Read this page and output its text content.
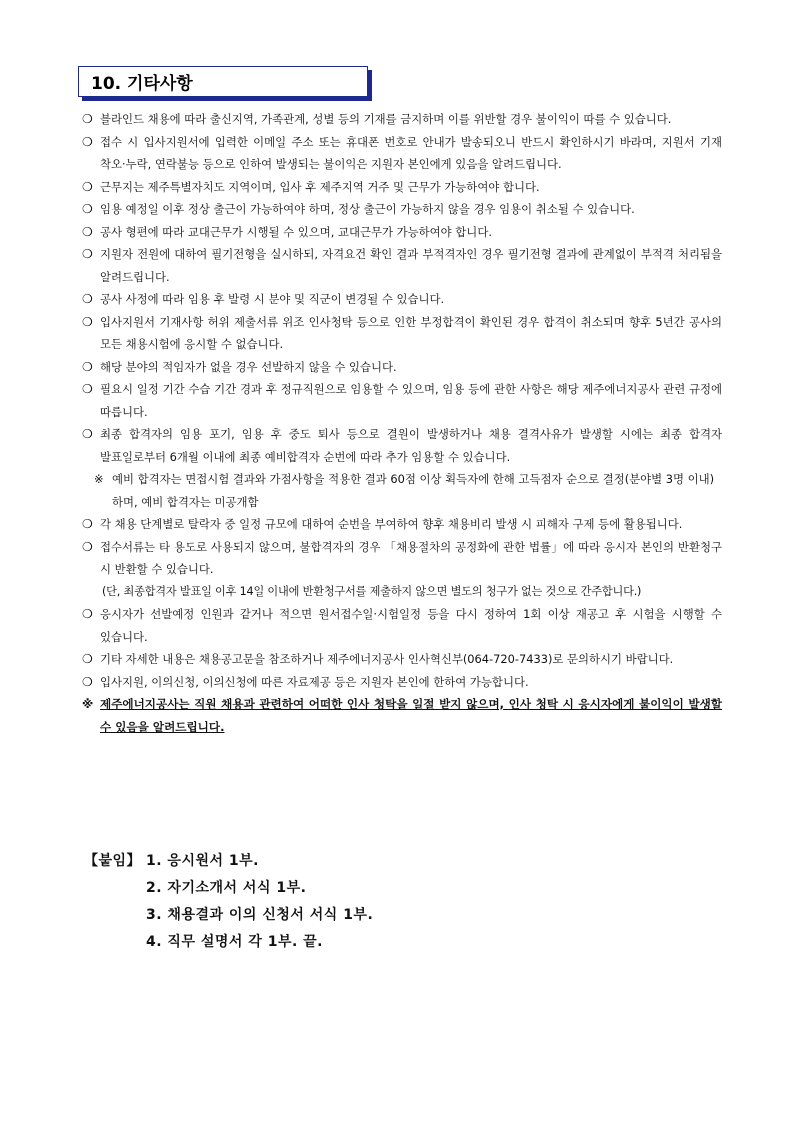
10. 기타사항
❍ 블라인드 채용에 따라 출신지역, 가족관계, 성별 등의 기재를 금지하며 이를 위반할 경우 불이익이 따를 수 있습니다.
❍ 접수 시 입사지원서에 입력한 이메일 주소 또는 휴대폰 번호로 안내가 발송되오니 반드시 확인하시기 바라며, 지원서 기재 착오·누락, 연락불능 등으로 인하여 발생되는 불이익은 지원자 본인에게 있음을 알려드립니다.
❍ 근무지는 제주특별자치도 지역이며, 입사 후 제주지역 거주 및 근무가 가능하여야 합니다.
❍ 임용 예정일 이후 정상 출근이 가능하여야 하며, 정상 출근이 가능하지 않을 경우 임용이 취소될 수 있습니다.
❍ 공사 형편에 따라 교대근무가 시행될 수 있으며, 교대근무가 가능하여야 합니다.
❍ 지원자 전원에 대하여 필기전형을 실시하되, 자격요건 확인 결과 부적격자인 경우 필기전형 결과에 관계없이 부적격 처리됨을 알려드립니다.
❍ 공사 사정에 따라 임용 후 발령 시 분야 및 직군이 변경될 수 있습니다.
❍ 입사지원서 기재사항 허위 제출서류 위조 인사청탁 등으로 인한 부정합격이 확인된 경우 합격이 취소되며 향후 5년간 공사의 모든 채용시험에 응시할 수 없습니다.
❍ 해당 분야의 적임자가 없을 경우 선발하지 않을 수 있습니다.
❍ 필요시 일정 기간 수습 기간 경과 후 정규직원으로 임용할 수 있으며, 임용 등에 관한 사항은 해당 제주에너지공사 관련 규정에 따릅니다.
❍ 최종 합격자의 임용 포기, 임용 후 중도 퇴사 등으로 결원이 발생하거나 채용 결격사유가 발생할 시에는 최종 합격자 발표일로부터 6개월 이내에 최종 예비합격자 순번에 따라 추가 임용할 수 있습니다.
※ 예비 합격자는 면접시험 결과와 가점사항을 적용한 결과 60점 이상 획득자에 한해 고득점자 순으로 결정(분야별 3명 이내)하며, 예비 합격자는 미공개함
❍ 각 채용 단계별로 탈락자 중 일정 규모에 대하여 순번을 부여하여 향후 채용비리 발생 시 피해자 구제 등에 활용됩니다.
❍ 접수서류는 타 용도로 사용되지 않으며, 불합격자의 경우 「채용절차의 공정화에 관한 법률」에 따라 응시자 본인의 반환청구 시 반환할 수 있습니다.
(단, 최종합격자 발표일 이후 14일 이내에 반환청구서를 제출하지 않으면 별도의 청구가 없는 것으로 간주합니다.)
❍ 응시자가 선발예정 인원과 같거나 적으면 원서접수일·시험일정 등을 다시 정하여 1회 이상 재공고 후 시험을 시행할 수 있습니다.
❍ 기타 자세한 내용은 채용공고문을 참조하거나 제주에너지공사 인사혁신부(064-720-7433)로 문의하시기 바랍니다.
❍ 입사지원, 이의신청, 이의신청에 따른 자료제공 등은 지원자 본인에 한하여 가능합니다.
※ 제주에너지공사는 직원 채용과 관련하여 어떠한 인사 청탁을 일절 받지 않으며, 인사 청탁 시 응시자에게 불이익이 발생할 수 있음을 알려드립니다.
【붙임】 1. 응시원서 1부.
2. 자기소개서 서식 1부.
3. 채용결과 이의 신청서 서식 1부.
4. 직무 설명서 각 1부. 끝.
